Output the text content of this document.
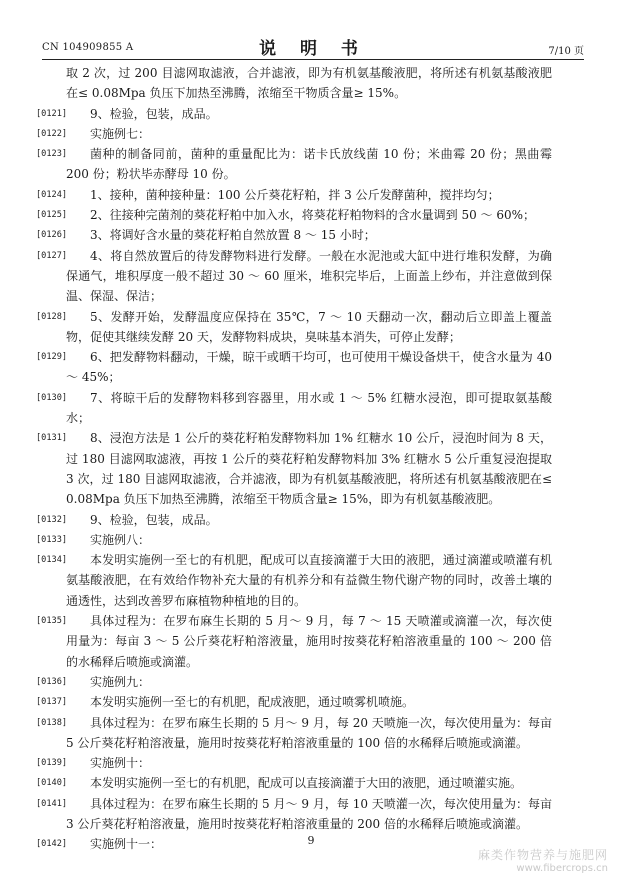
CN 104909855 A	说 明 书	7/10 页
取 2 次，过 200 目滤网取滤液，合并滤液，即为有机氨基酸液肥，将所述有机氨基酸液肥在≤ 0.08Mpa 负压下加热至沸腾，浓缩至干物质含量≥ 15%。
[0121] 9、检验，包装，成品。
[0122] 实施例七：
[0123] 菌种的制备同前，菌种的重量配比为：诺卡氏放线菌 10 份；米曲霉 20 份；黑曲霉 200 份；粉状毕赤酵母 10 份。
[0124] 1、接种，菌种接种量：100 公斤葵花籽粕，拌 3 公斤发酵菌种，搅拌均匀；
[0125] 2、往接种完菌剂的葵花籽粕中加入水，将葵花籽粕物料的含水量调到 50 ～ 60%；
[0126] 3、将调好含水量的葵花籽粕自然放置 8 ～ 15 小时；
[0127] 4、将自然放置后的待发酵物料进行发酵。一般在水泥池或大缸中进行堆积发酵，为确保通气，堆积厚度一般不超过 30 ～ 60 厘米，堆积完毕后，上面盖上纱布，并注意做到保温、保湿、保洁；
[0128] 5、发酵开始，发酵温度应保持在 35℃，7 ～ 10 天翻动一次，翻动后立即盖上覆盖物，促使其继续发酵 20 天，发酵物料成块，臭味基本消失，可停止发酵；
[0129] 6、把发酵物料翻动，干燥，晾干或晒干均可，也可使用干燥设备烘干，使含水量为 40 ～ 45%；
[0130] 7、将晾干后的发酵物料移到容器里，用水或 1 ～ 5% 红糖水浸泡，即可提取氨基酸水；
[0131] 8、浸泡方法是 1 公斤的葵花籽粕发酵物料加 1% 红糖水 10 公斤，浸泡时间为 8 天，过 180 目滤网取滤液，再按 1 公斤的葵花籽粕发酵物料加 3% 红糖水 5 公斤重复浸泡提取 3 次，过 180 目滤网取滤液，合并滤液，即为有机氨基酸液肥，将所述有机氨基酸液肥在≤ 0.08Mpa 负压下加热至沸腾，浓缩至干物质含量≥ 15%，即为有机氨基酸液肥。
[0132] 9、检验，包装，成品。
[0133] 实施例八：
[0134] 本发明实施例一至七的有机肥，配成可以直接滴灌于大田的液肥，通过滴灌或喷灌有机氨基酸液肥，在有效给作物补充大量的有机养分和有益微生物代谢产物的同时，改善土壤的通透性，达到改善罗布麻植物种植地的目的。
[0135] 具体过程为：在罗布麻生长期的 5 月～ 9 月，每 7 ～ 15 天喷灌或滴灌一次，每次使用量为：每亩 3 ～ 5 公斤葵花籽粕溶液量，施用时按葵花籽粕溶液重量的 100 ～ 200 倍的水稀释后喷施或滴灌。
[0136] 实施例九：
[0137] 本发明实施例一至七的有机肥，配成液肥，通过喷雾机喷施。
[0138] 具体过程为：在罗布麻生长期的 5 月～ 9 月，每 20 天喷施一次，每次使用量为：每亩 5 公斤葵花籽粕溶液量，施用时按葵花籽粕溶液重量的 100 倍的水稀释后喷施或滴灌。
[0139] 实施例十：
[0140] 本发明实施例一至七的有机肥，配成可以直接滴灌于大田的液肥，通过喷灌实施。
[0141] 具体过程为：在罗布麻生长期的 5 月～ 9 月，每 10 天喷灌一次，每次使用量为：每亩 3 公斤葵花籽粕溶液量，施用时按葵花籽粕溶液重量的 200 倍的水稀释后喷施或滴灌。
[0142] 实施例十一：	9
麻类作物营养与施肥网
www.fibercrops.cn
